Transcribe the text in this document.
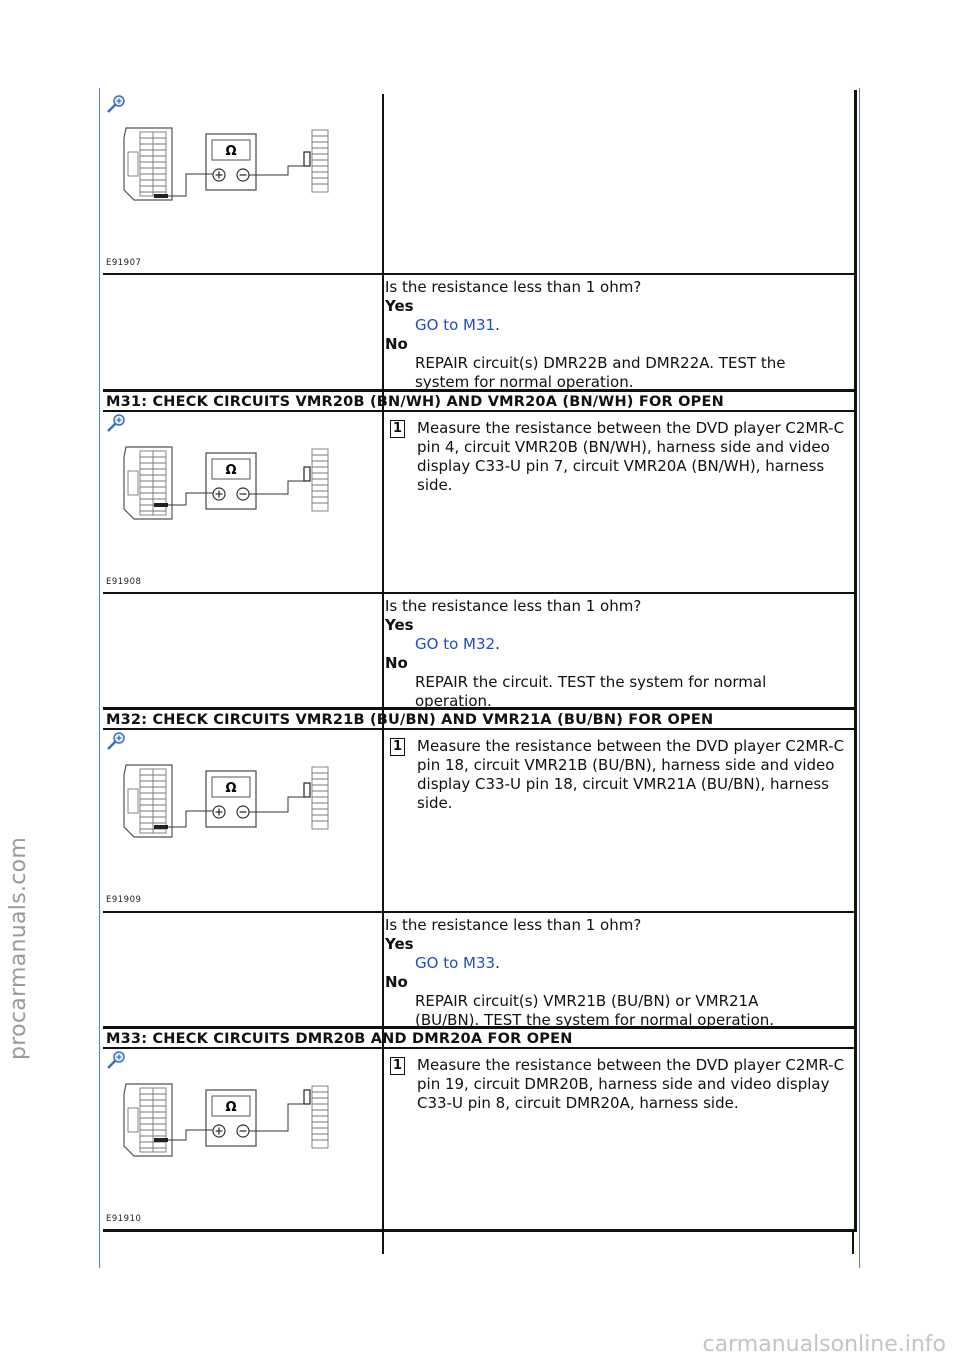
procarmanuals.com
carmanualsonline.info
Ω
E91907

Is the resistance less than 1 ohm?

Yes

GO to M31.

No

REPAIR circuit(s) DMR22B and DMR22A. TEST the system for normal operation.

M31: CHECK CIRCUITS VMR20B (BN/WH) AND VMR20A (BN/WH) FOR OPEN
Ω
E91908
1 Measure the resistance between the DVD player C2MR-C pin 4, circuit VMR20B (BN/WH), harness side and video display C33-U pin 7, circuit VMR20A (BN/WH), harness side.

Is the resistance less than 1 ohm?

Yes

GO to M32.

No

REPAIR the circuit. TEST the system for normal operation.

M32: CHECK CIRCUITS VMR21B (BU/BN) AND VMR21A (BU/BN) FOR OPEN
Ω
E91909
1 Measure the resistance between the DVD player C2MR-C pin 18, circuit VMR21B (BU/BN), harness side and video display C33-U pin 18, circuit VMR21A (BU/BN), harness side.

Is the resistance less than 1 ohm?

Yes

GO to M33.

No

REPAIR circuit(s) VMR21B (BU/BN) or VMR21A (BU/BN). TEST the system for normal operation.

M33: CHECK CIRCUITS DMR20B AND DMR20A FOR OPEN
Ω
E91910
1 Measure the resistance between the DVD player C2MR-C pin 19, circuit DMR20B, harness side and video display C33-U pin 8, circuit DMR20A, harness side.
